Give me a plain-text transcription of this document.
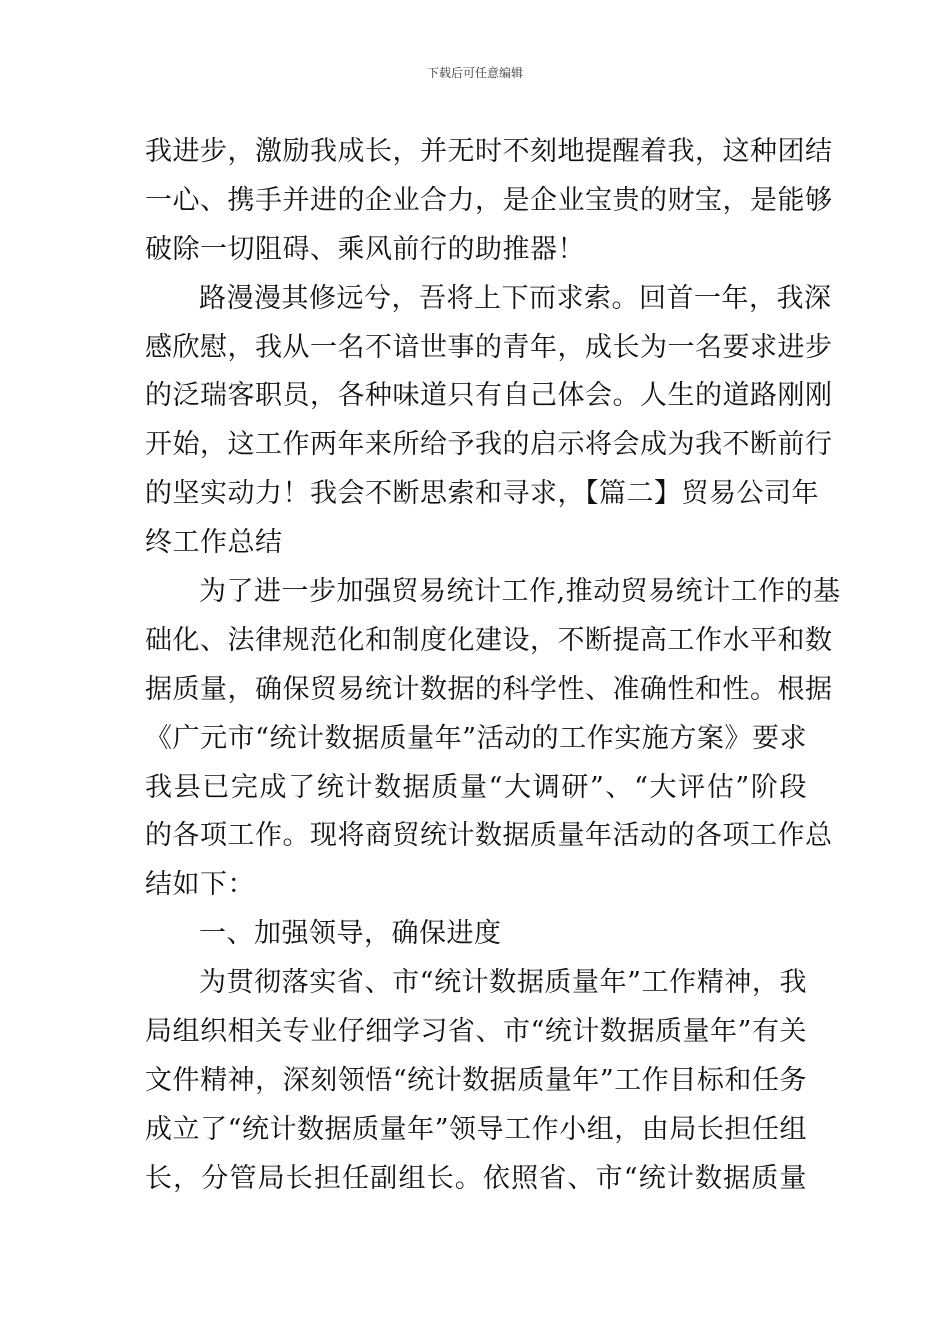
下载后可任意编辑
我进步，激励我成长，并无时不刻地提醒着我，这种团结
一心、携手并进的企业合力，是企业宝贵的财宝，是能够
破除一切阻碍、乘风前行的助推器！
路漫漫其修远兮，吾将上下而求索。回首一年，我深
感欣慰，我从一名不谙世事的青年，成长为一名要求进步
的泛瑞客职员，各种味道只有自己体会。人生的道路刚刚
开始，这工作两年来所给予我的启示将会成为我不断前行
的坚实动力！我会不断思索和寻求，【篇二】贸易公司年
终工作总结
为了进一步加强贸易统计工作,推动贸易统计工作的基
础化、法律规范化和制度化建设，不断提高工作水平和数
据质量，确保贸易统计数据的科学性、准确性和性。根据
《广元市“统计数据质量年”活动的工作实施方案》要求
我县已完成了统计数据质量“大调研”、“大评估”阶段
的各项工作。现将商贸统计数据质量年活动的各项工作总
结如下：
一、加强领导，确保进度
为贯彻落实省、市“统计数据质量年”工作精神，我
局组织相关专业仔细学习省、市“统计数据质量年”有关
文件精神，深刻领悟“统计数据质量年”工作目标和任务
成立了“统计数据质量年”领导工作小组，由局长担任组
长，分管局长担任副组长。依照省、市“统计数据质量
